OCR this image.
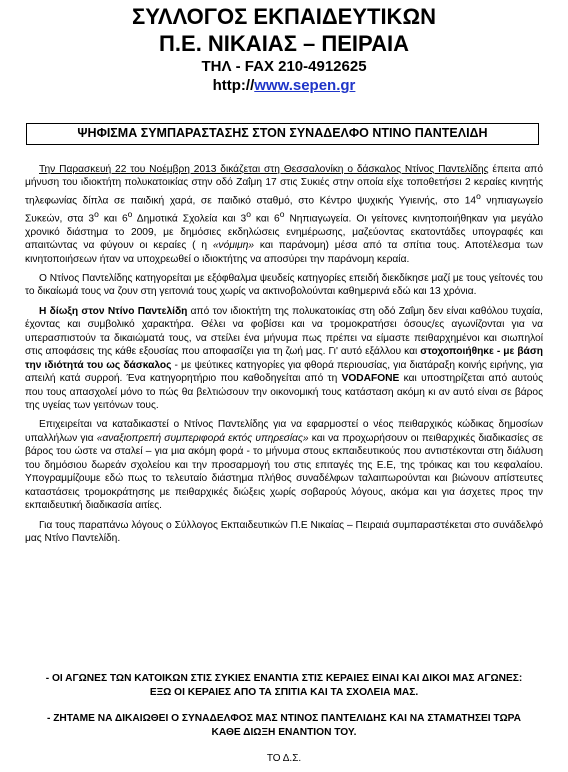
ΣΥΛΛΟΓΟΣ ΕΚΠΑΙΔΕΥΤΙΚΩΝ
Π.Ε. ΝΙΚΑΙΑΣ – ΠΕΙΡΑΙΑ
ΤΗΛ - FAX 210-4912625
http://www.sepen.gr
ΨΗΦΙΣΜΑ ΣΥΜΠΑΡΑΣΤΑΣΗΣ ΣΤΟΝ ΣΥΝΑΔΕΛΦΟ ΝΤΙΝΟ ΠΑΝΤΕΛΙΔΗ

Την Παρασκευή 22 του Νοέμβρη 2013 δικάζεται στη Θεσσαλονίκη ο δάσκαλος Ντίνος Παντελίδης έπειτα από μήνυση του ιδιοκτήτη πολυκατοικίας στην οδό Ζαΐμη 17 στις Συκιές στην οποία είχε τοποθετήσει 2 κεραίες κινητής τηλεφωνίας δίπλα σε παιδική χαρά, σε παιδικό σταθμό, στο Κέντρο ψυχικής Υγιεινής, στο $14^o$ νηπιαγωγείο Συκεών, στα $3^o$ και $6^o$ Δημοτικά Σχολεία και $3^o$ και $6^o$ Νηπιαγωγεία. Οι γείτονες κινητοποιήθηκαν για μεγάλο χρονικό διάστημα το 2009, με δημόσιες εκδηλώσεις ενημέρωσης, μαζεύοντας εκατοντάδες υπογραφές και απαιτώντας να φύγουν οι κεραίες ( η «νόμιμη» και παράνομη) μέσα από τα σπίτια τους. Αποτέλεσμα των κινητοποιήσεων ήταν να υποχρεωθεί ο ιδιοκτήτης να αποσύρει την παράνομη κεραία.

Ο Ντίνος Παντελίδης κατηγορείται με εξόφθαλμα ψευδείς κατηγορίες επειδή διεκδίκησε μαζί με τους γείτονές του το δικαίωμά τους να ζουν στη γειτονιά τους χωρίς να ακτινοβολούνται καθημερινά εδώ και 13 χρόνια.

Η δίωξη στον Ντίνο Παντελίδη από τον ιδιοκτήτη της πολυκατοικίας στη οδό Ζαΐμη δεν είναι καθόλου τυχαία, έχοντας και συμβολικό χαρακτήρα. Θέλει να φοβίσει και να τρομοκρατήσει όσους/ες αγωνίζονται για να υπερασπιστούν τα δικαιώματά τους, να στείλει ένα μήνυμα πως πρέπει να είμαστε πειθαρχημένοι και σιωπηλοί στις αποφάσεις της κάθε εξουσίας που αποφασίζει για τη ζωή μας. Γι' αυτό εξάλλου και στοχοποιήθηκε - με βάση την ιδιότητά του ως δάσκαλος - με ψεύτικες κατηγορίες για φθορά περιουσίας, για διατάραξη κοινής ειρήνης, για απειλή κατά συρροή. Ένα κατηγορητήριο που καθοδηγείται από τη VODAFONE και υποστηρίζεται από αυτούς που τους απασχολεί μόνο το πώς θα βελτιώσουν την οικονομική τους κατάσταση ακόμη κι αν αυτό είναι σε βάρος της υγείας των γειτόνων τους.

Επιχειρείται να καταδικαστεί ο Ντίνος Παντελίδης για να εφαρμοστεί ο νέος πειθαρχικός κώδικας δημοσίων υπαλλήλων για «αναξιοπρεπή συμπεριφορά εκτός υπηρεσίας» και να προχωρήσουν οι πειθαρχικές διαδικασίες σε βάρος του ώστε να σταλεί – για μια ακόμη φορά - το μήνυμα στους εκπαιδευτικούς που αντιστέκονται στη διάλυση του δημόσιου δωρεάν σχολείου και την προσαρμογή του στις επιταγές της Ε.Ε, της τρόικας και του κεφαλαίου. Υπογραμμίζουμε εδώ πως το τελευταίο διάστημα πλήθος συναδέλφων ταλαιπωρούνται και βιώνουν απίστευτες καταστάσεις τρομοκράτησης με πειθαρχικές διώξεις χωρίς σοβαρούς λόγους, ακόμα και για άσχετες προς την εκπαιδευτική διαδικασία αιτίες.

Για τους παραπάνω λόγους ο Σύλλογος Εκπαιδευτικών Π.Ε Νικαίας – Πειραιά συμπαραστέκεται στο συνάδελφό μας Ντίνο Παντελίδη.

- ΟΙ ΑΓΩΝΕΣ ΤΩΝ ΚΑΤΟΙΚΩΝ ΣΤΙΣ ΣΥΚΙΕΣ ΕΝΑΝΤΙΑ ΣΤΙΣ ΚΕΡΑΙΕΣ ΕΙΝΑΙ ΚΑΙ ΔΙΚΟΙ ΜΑΣ ΑΓΩΝΕΣ:
ΕΞΩ ΟΙ ΚΕΡΑΙΕΣ ΑΠΟ ΤΑ ΣΠΙΤΙΑ ΚΑΙ ΤΑ ΣΧΟΛΕΙΑ ΜΑΣ.
- ΖΗΤΑΜΕ ΝΑ ΔΙΚΑΙΩΘΕΙ Ο ΣΥΝΑΔΕΛΦΟΣ ΜΑΣ ΝΤΙΝΟΣ ΠΑΝΤΕΛΙΔΗΣ ΚΑΙ ΝΑ ΣΤΑΜΑΤΗΣΕΙ ΤΩΡΑ
ΚΑΘΕ ΔΙΩΞΗ ΕΝΑΝΤΙΟΝ ΤΟΥ.
ΤΟ Δ.Σ.
